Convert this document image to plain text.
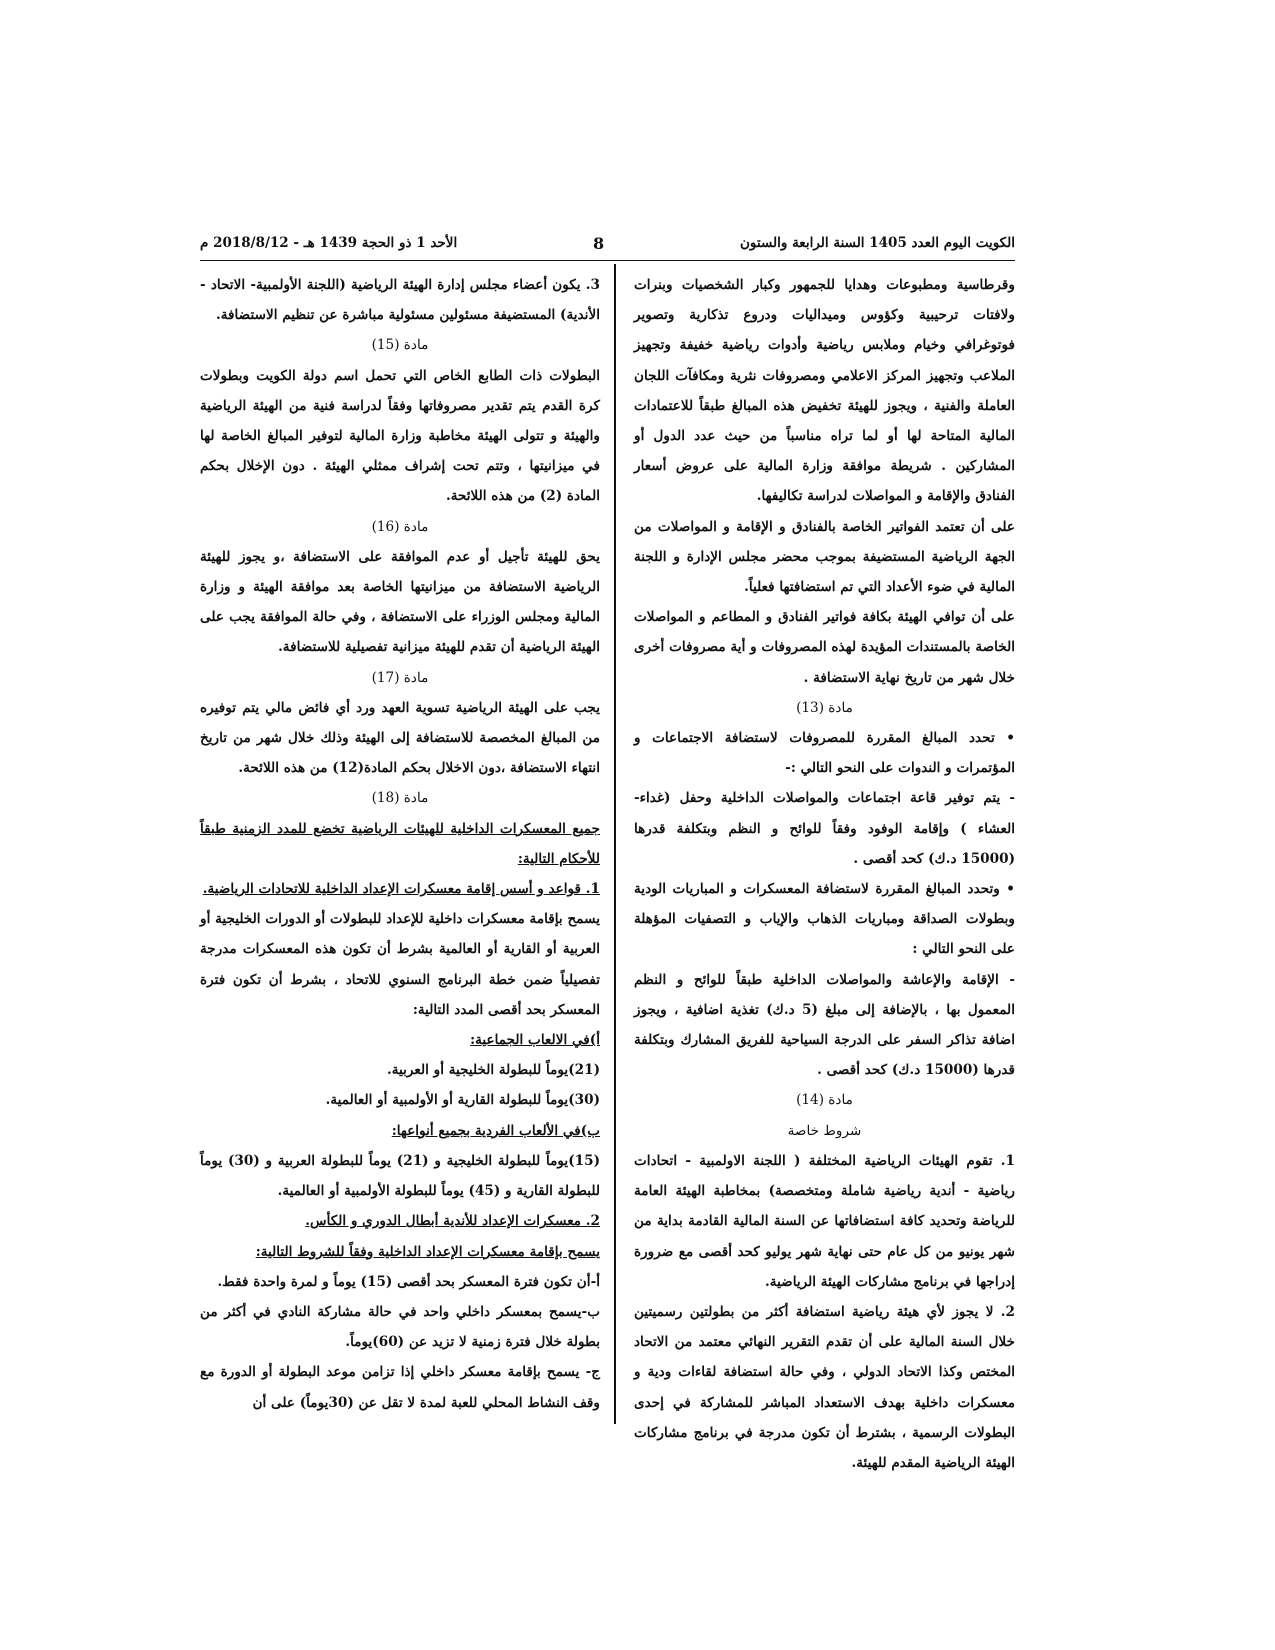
الكويت اليوم العدد 1405 السنة الرابعة والستون
8
الأحد 1 ذو الحجة 1439 هـ - 2018/8/12 م

وقرطاسية ومطبوعات وهدايا للجمهور وكبار الشخصيات وبنرات ولافتات ترحيبية وكؤوس وميداليات ودروع تذكارية وتصوير فوتوغرافي وخيام وملابس رياضية وأدوات رياضية خفيفة وتجهيز الملاعب وتجهيز المركز الاعلامي ومصروفات نثرية ومكافآت اللجان العاملة والفنية ، ويجوز للهيئة تخفيض هذه المبالغ طبقاً للاعتمادات المالية المتاحة لها أو لما تراه مناسباً من حيث عدد الدول أو المشاركين . شريطة موافقة وزارة المالية على عروض أسعار الفنادق والإقامة و المواصلات لدراسة تكاليفها.

على أن تعتمد الفواتير الخاصة بالفنادق و الإقامة و المواصلات من الجهة الرياضية المستضيفة بموجب محضر مجلس الإدارة و اللجنة المالية في ضوء الأعداد التي تم استضافتها فعلياً.

على أن توافي الهيئة بكافة فواتير الفنادق و المطاعم و المواصلات الخاصة بالمستندات المؤيدة لهذه المصروفات و أية مصروفات أخرى خلال شهر من تاريخ نهاية الاستضافة .

مادة (13)

• تحدد المبالغ المقررة للمصروفات لاستضافة الاجتماعات و المؤتمرات و الندوات على النحو التالي :-

- يتم توفير قاعة اجتماعات والمواصلات الداخلية وحفل (غداء- العشاء ) وإقامة الوفود وفقاً للوائح و النظم وبتكلفة قدرها (15000 د.ك) كحد أقصى .

• وتحدد المبالغ المقررة لاستضافة المعسكرات و المباريات الودية وبطولات الصداقة ومباريات الذهاب والإياب و التصفيات المؤهلة على النحو التالي :

- الإقامة والإعاشة والمواصلات الداخلية طبقاً للوائح و النظم المعمول بها ، بالإضافة إلى مبلغ (5 د.ك) تغذية اضافية ، ويجوز اضافة تذاكر السفر على الدرجة السياحية للفريق المشارك وبتكلفة قدرها (15000 د.ك) كحد أقصى .

مادة (14)

شروط خاصة

1. تقوم الهيئات الرياضية المختلفة ( اللجنة الاولمبية - اتحادات رياضية - أندية رياضية شاملة ومتخصصة) بمخاطبة الهيئة العامة للرياضة وتحديد كافة استضافاتها عن السنة المالية القادمة بداية من شهر يونيو من كل عام حتى نهاية شهر يوليو كحد أقصى مع ضرورة إدراجها في برنامج مشاركات الهيئة الرياضية.

2. لا يجوز لأي هيئة رياضية استضافة أكثر من بطولتين رسميتين خلال السنة المالية على أن تقدم التقرير النهائي معتمد من الاتحاد المختص وكذا الاتحاد الدولي ، وفي حالة استضافة لقاءات ودية و معسكرات داخلية بهدف الاستعداد المباشر للمشاركة في إحدى البطولات الرسمية ، بشترط أن تكون مدرجة في برنامج مشاركات الهيئة الرياضية المقدم للهيئة.

3. يكون أعضاء مجلس إدارة الهيئة الرياضية (اللجنة الأولمبية- الاتحاد - الأندية) المستضيفة مسئولين مسئولية مباشرة عن تنظيم الاستضافة.

مادة (15)

البطولات ذات الطابع الخاص التي تحمل اسم دولة الكويت وبطولات كرة القدم يتم تقدير مصروفاتها وفقاً لدراسة فنية من الهيئة الرياضية والهيئة و تتولى الهيئة مخاطبة وزارة المالية لتوفير المبالغ الخاصة لها في ميزانيتها ، وتتم تحت إشراف ممثلي الهيئة . دون الإخلال بحكم المادة (2) من هذه اللائحة.

مادة (16)

يحق للهيئة تأجيل أو عدم الموافقة على الاستضافة ،و يجوز للهيئة الرياضية الاستضافة من ميزانيتها الخاصة بعد موافقة الهيئة و وزارة المالية ومجلس الوزراء على الاستضافة ، وفي حالة الموافقة يجب على الهيئة الرياضية أن تقدم للهيئة ميزانية تفصيلية للاستضافة.

مادة (17)

يجب على الهيئة الرياضية تسوية العهد ورد أي فائض مالي يتم توفيره من المبالغ المخصصة للاستضافة إلى الهيئة وذلك خلال شهر من تاريخ انتهاء الاستضافة ،دون الاخلال بحكم المادة(12) من هذه اللائحة.

مادة (18)

جميع المعسكرات الداخلية للهيئات الرياضية تخضع للمدد الزمنية طبقاً للأحكام التالية:

1. قواعد و أسس إقامة معسكرات الإعداد الداخلية للاتحادات الرياضية.

يسمح بإقامة معسكرات داخلية للإعداد للبطولات أو الدورات الخليجية أو العربية أو القارية أو العالمية بشرط أن تكون هذه المعسكرات مدرجة تفصيلياً ضمن خطة البرنامج السنوي للاتحاد ، بشرط أن تكون فترة المعسكر بحد أقصى المدد التالية:

أ)في الالعاب الجماعية:

(21)يوماً للبطولة الخليجية أو العربية.

(30)يوماً للبطولة القارية أو الأولمبية أو العالمية.

ب)في الألعاب الفردية بجميع أنواعها:

(15)يوماً للبطولة الخليجية و (21) يوماً للبطولة العربية و (30) يوماً للبطولة القارية و (45) يوماً للبطولة الأولمبية أو العالمية.

2. معسكرات الإعداد للأندية أبطال الدوري و الكأس.

يسمح بإقامة معسكرات الإعداد الداخلية وفقاً للشروط التالية:

أ-أن تكون فترة المعسكر بحد أقصى (15) يوماً و لمرة واحدة فقط.

ب-يسمح بمعسكر داخلي واحد في حالة مشاركة النادي في أكثر من بطولة خلال فترة زمنية لا تزيد عن (60)يوماً.

ج- يسمح بإقامة معسكر داخلي إذا تزامن موعد البطولة أو الدورة مع وقف النشاط المحلي للعبة لمدة لا تقل عن (30يوماً) على أن
